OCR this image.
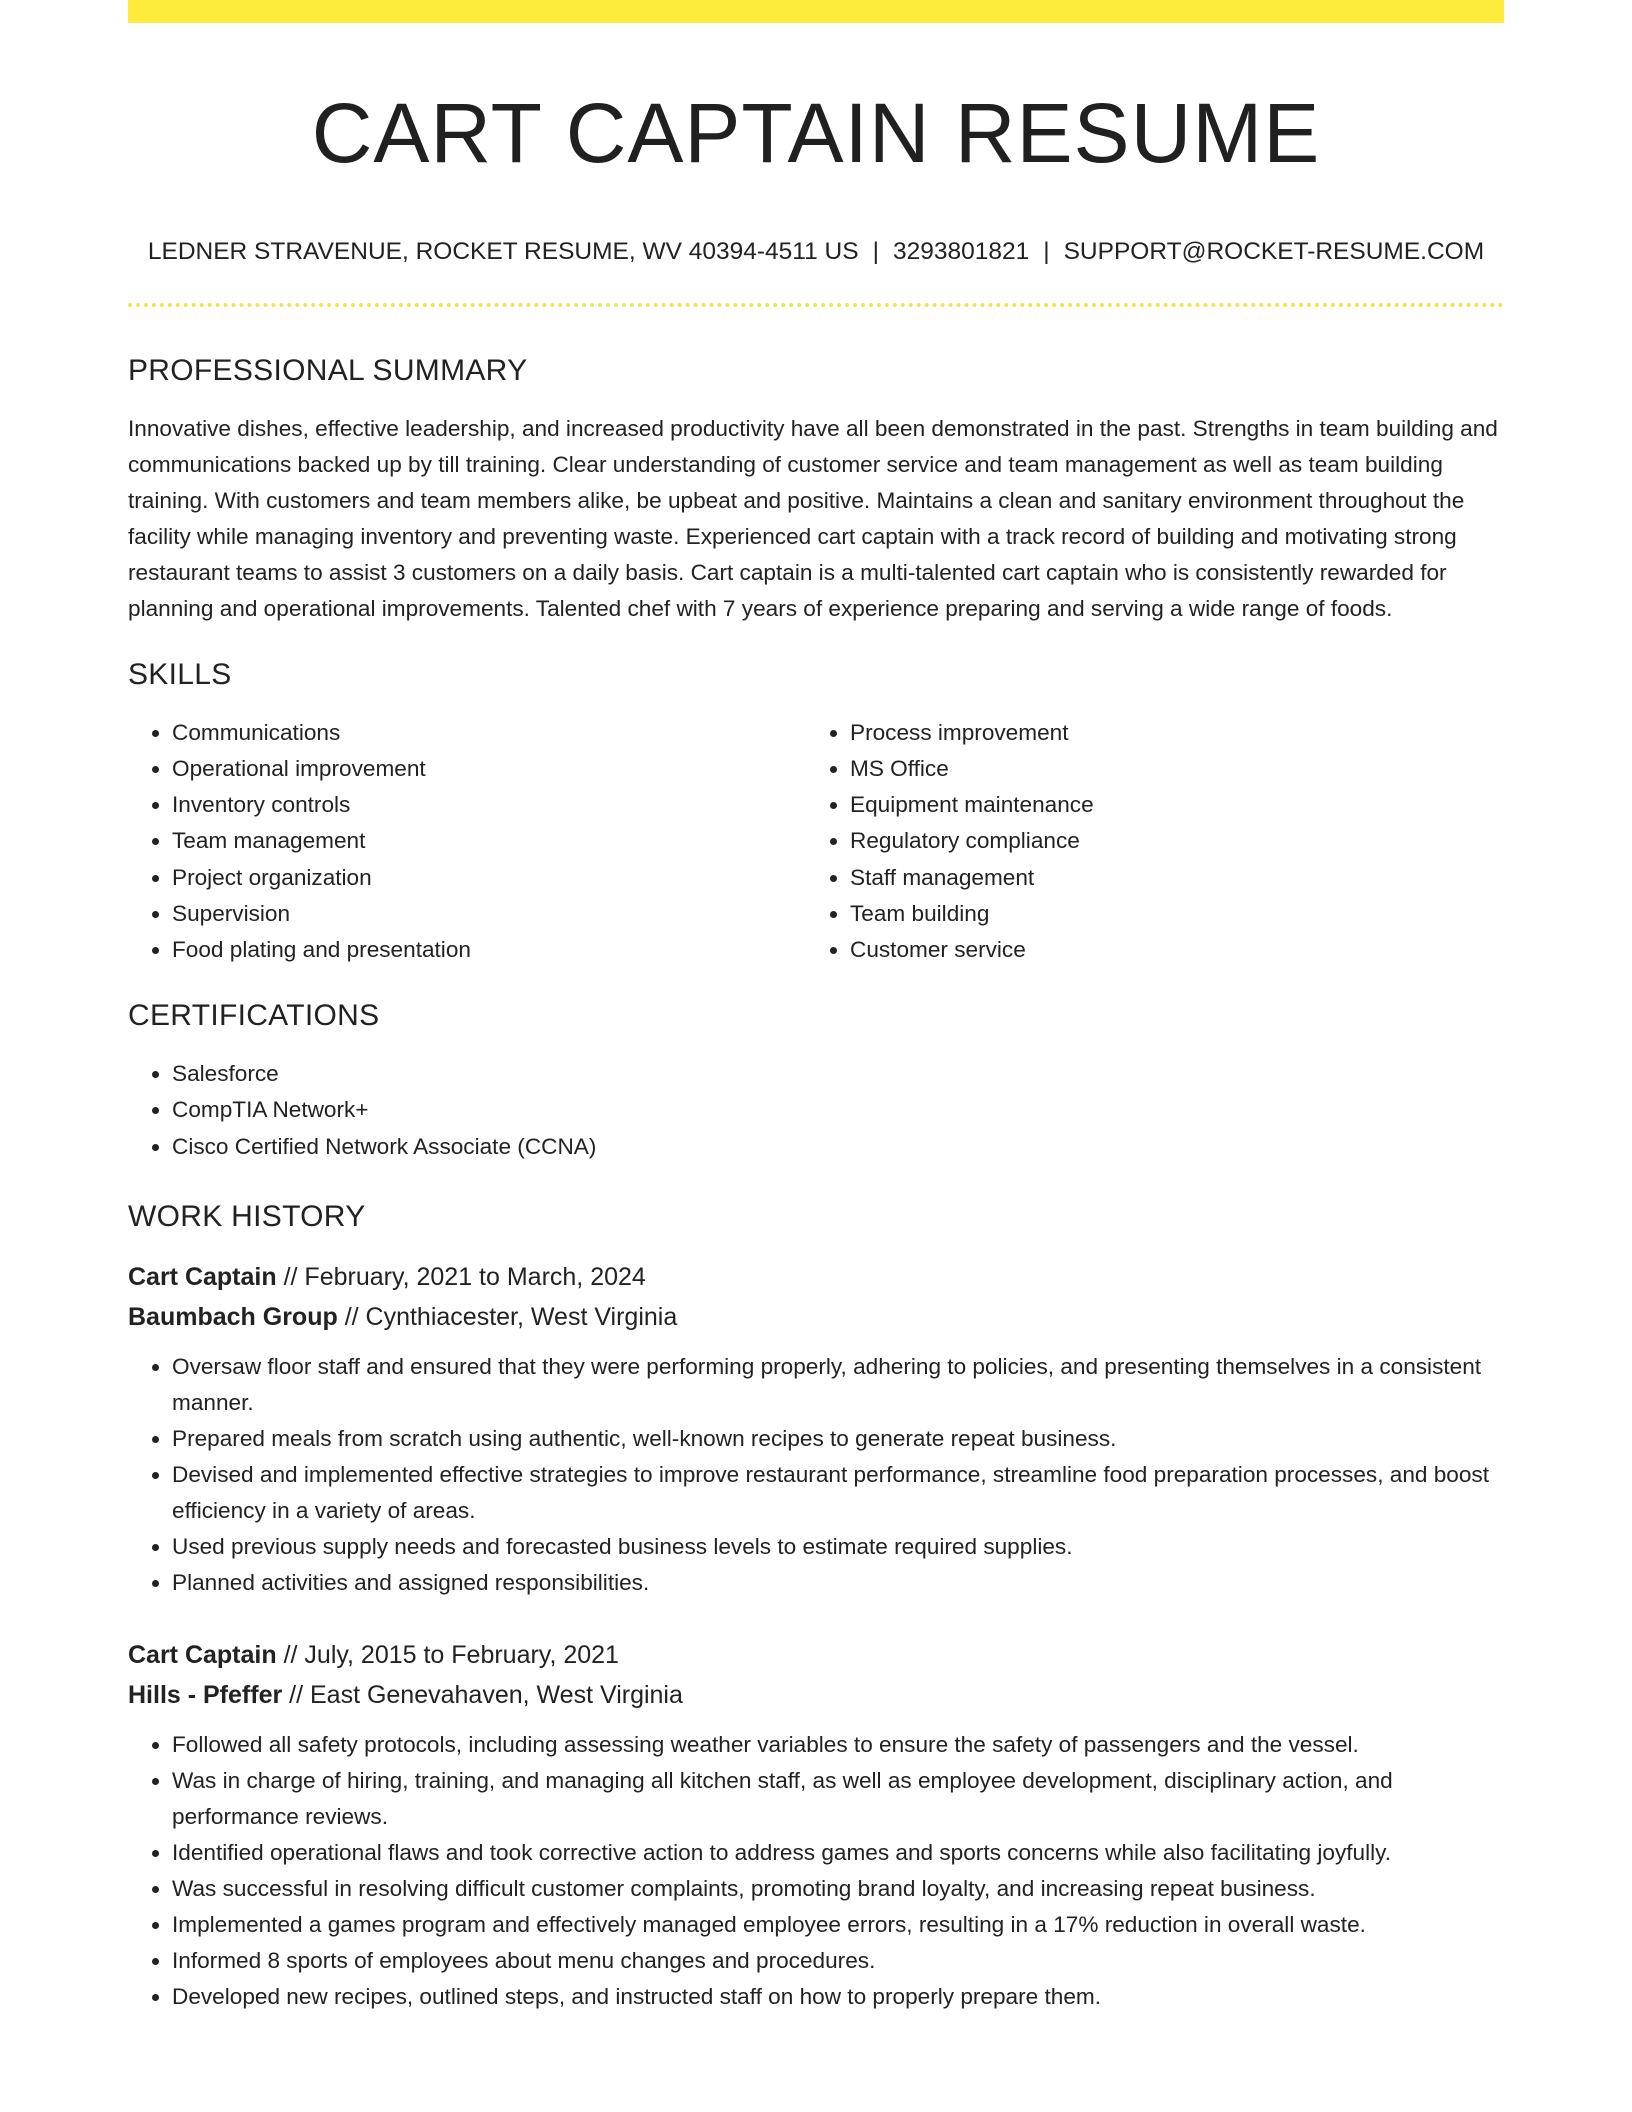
CART CAPTAIN RESUME
LEDNER STRAVENUE, ROCKET RESUME, WV 40394-4511 US | 3293801821 | SUPPORT@ROCKET-RESUME.COM
PROFESSIONAL SUMMARY

Innovative dishes, effective leadership, and increased productivity have all been demonstrated in the past. Strengths in team building and communications backed up by till training. Clear understanding of customer service and team management as well as team building training. With customers and team members alike, be upbeat and positive. Maintains a clean and sanitary environment throughout the facility while managing inventory and preventing waste. Experienced cart captain with a track record of building and motivating strong restaurant teams to assist 3 customers on a daily basis. Cart captain is a multi-talented cart captain who is consistently rewarded for planning and operational improvements. Talented chef with 7 years of experience preparing and serving a wide range of foods.

SKILLS
• Communications
• Operational improvement
• Inventory controls
• Team management
• Project organization
• Supervision
• Food plating and presentation
• Process improvement
• MS Office
• Equipment maintenance
• Regulatory compliance
• Staff management
• Team building
• Customer service
CERTIFICATIONS
• Salesforce
• CompTIA Network+
• Cisco Certified Network Associate (CCNA)
WORK HISTORY
Cart Captain // February, 2021 to March, 2024
Baumbach Group // Cynthiacester, West Virginia
• Oversaw floor staff and ensured that they were performing properly, adhering to policies, and presenting themselves in a consistent manner.
• Prepared meals from scratch using authentic, well-known recipes to generate repeat business.
• Devised and implemented effective strategies to improve restaurant performance, streamline food preparation processes, and boost efficiency in a variety of areas.
• Used previous supply needs and forecasted business levels to estimate required supplies.
• Planned activities and assigned responsibilities.
Cart Captain // July, 2015 to February, 2021
Hills - Pfeffer // East Genevahaven, West Virginia
• Followed all safety protocols, including assessing weather variables to ensure the safety of passengers and the vessel.
• Was in charge of hiring, training, and managing all kitchen staff, as well as employee development, disciplinary action, and performance reviews.
• Identified operational flaws and took corrective action to address games and sports concerns while also facilitating joyfully.
• Was successful in resolving difficult customer complaints, promoting brand loyalty, and increasing repeat business.
• Implemented a games program and effectively managed employee errors, resulting in a 17% reduction in overall waste.
• Informed 8 sports of employees about menu changes and procedures.
• Developed new recipes, outlined steps, and instructed staff on how to properly prepare them.
